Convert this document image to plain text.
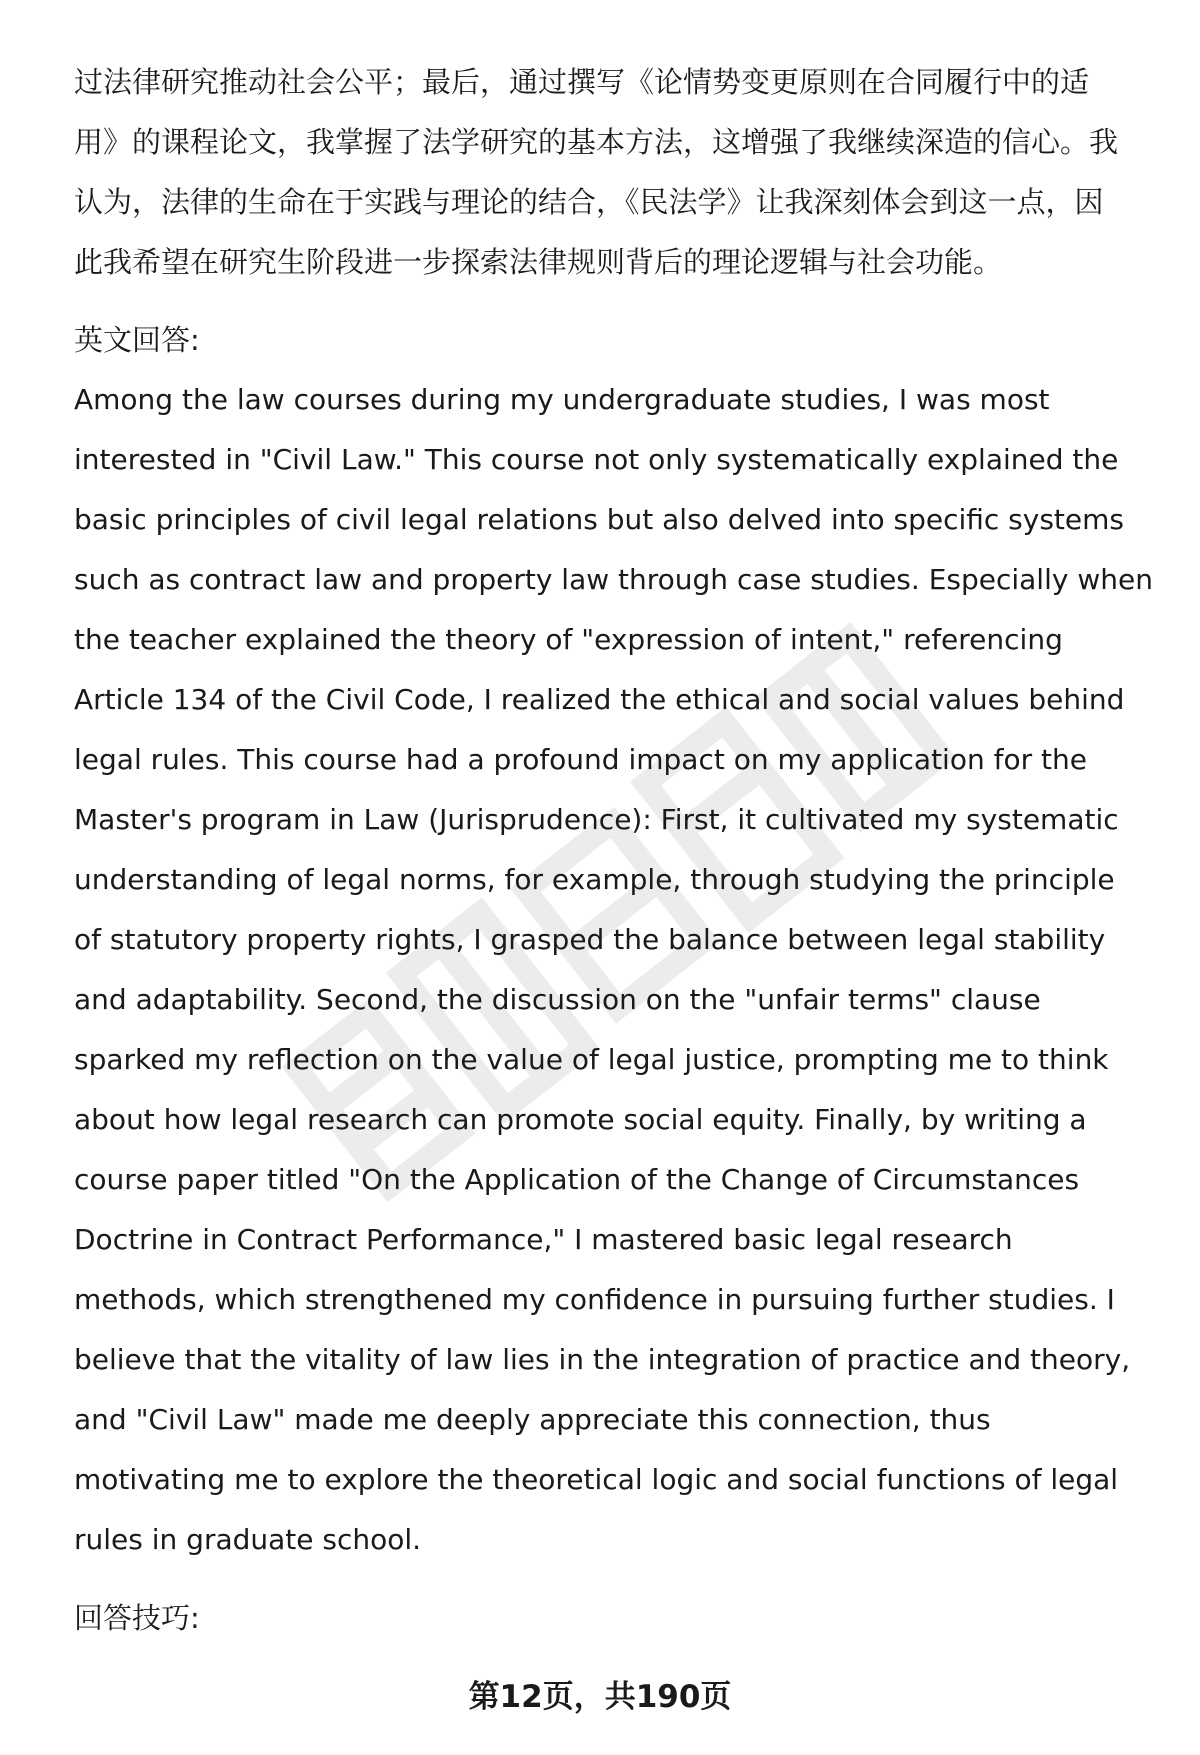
过法律研究推动社会公平；最后，通过撰写《论情势变更原则在合同履行中的适
用》的课程论文，我掌握了法学研究的基本方法，这增强了我继续深造的信心。我
认为，法律的生命在于实践与理论的结合，《民法学》让我深刻体会到这一点，因
此我希望在研究生阶段进一步探索法律规则背后的理论逻辑与社会功能。

英文回答:

Among the law courses during my undergraduate studies, I was most
interested in "Civil Law." This course not only systematically explained the
basic principles of civil legal relations but also delved into specific systems
such as contract law and property law through case studies. Especially when
the teacher explained the theory of "expression of intent," referencing
Article 134 of the Civil Code, I realized the ethical and social values behind
legal rules. This course had a profound impact on my application for the
Master's program in Law (Jurisprudence): First, it cultivated my systematic
understanding of legal norms, for example, through studying the principle
of statutory property rights, I grasped the balance between legal stability
and adaptability. Second, the discussion on the "unfair terms" clause
sparked my reflection on the value of legal justice, prompting me to think
about how legal research can promote social equity. Finally, by writing a
course paper titled "On the Application of the Change of Circumstances
Doctrine in Contract Performance," I mastered basic legal research
methods, which strengthened my confidence in pursuing further studies. I
believe that the vitality of law lies in the integration of practice and theory,
and "Civil Law" made me deeply appreciate this connection, thus
motivating me to explore the theoretical logic and social functions of legal
rules in graduate school.

回答技巧:
第12页，共190页
